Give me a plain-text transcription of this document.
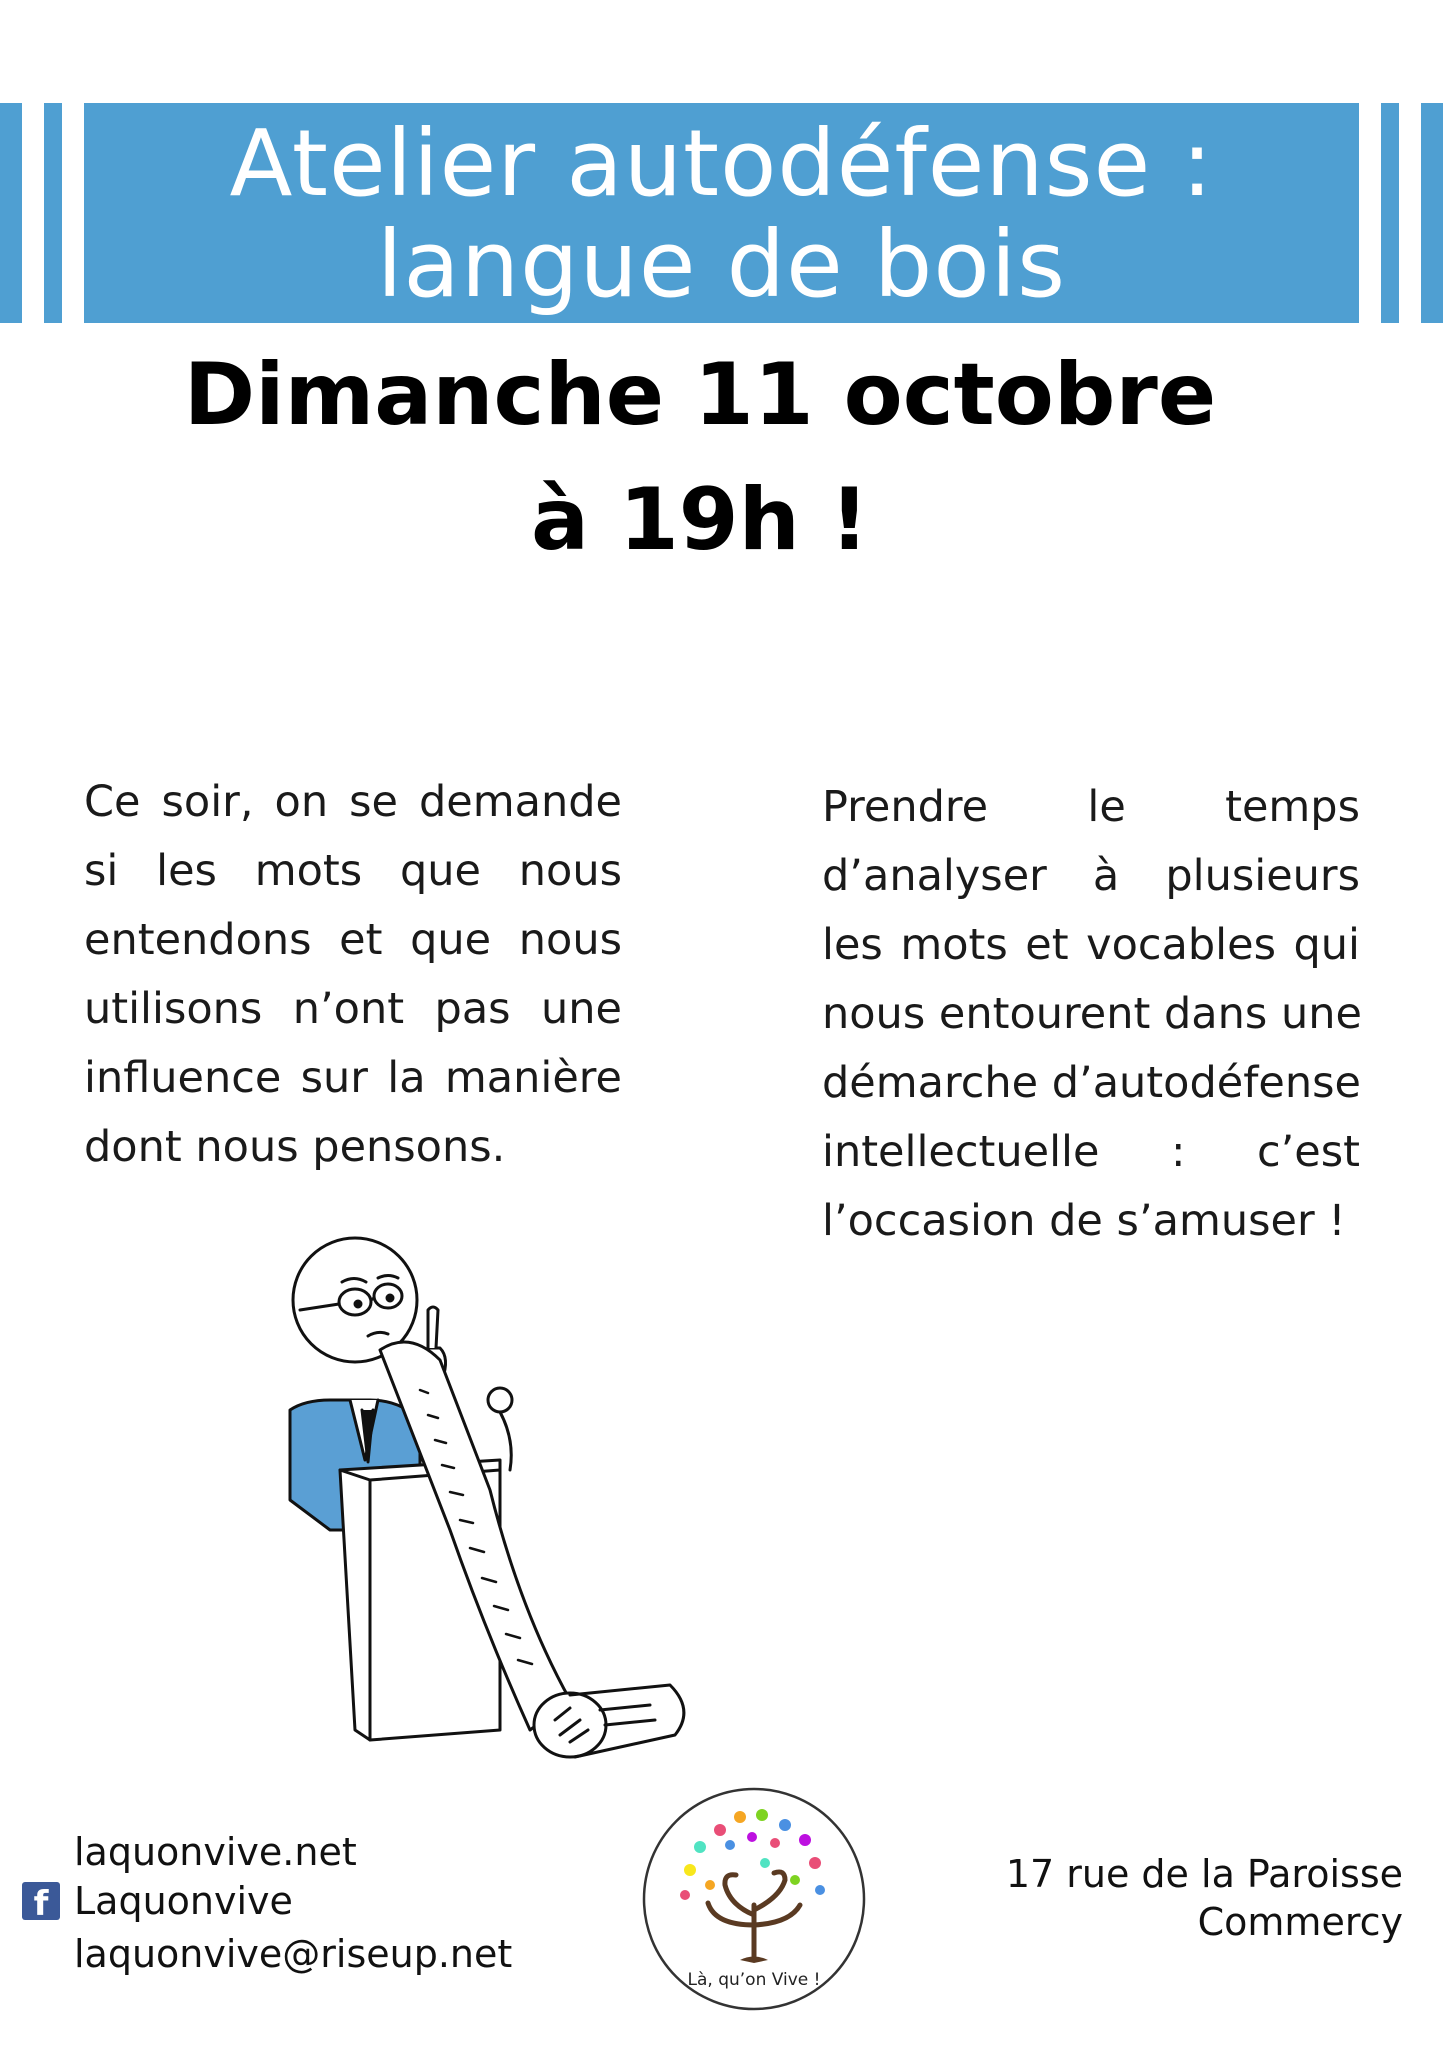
Atelier autodéfense :
langue de bois
Dimanche 11 octobre
à 19h !
Ce soir, on se demande
si les mots que nous
entendons et que nous
utilisons n’ont pas une
influence sur la manière
dont nous pensons.
Prendre le temps
d’analyser à plusieurs
les mots et vocables qui
nous entourent dans une
démarche d’autodéfense
intellectuelle : c’est
l’occasion de s’amuser !
laquonvive.net
f Laquonvive
laquonvive@riseup.net
Là, qu’on Vive !
17 rue de la Paroisse
Commercy
